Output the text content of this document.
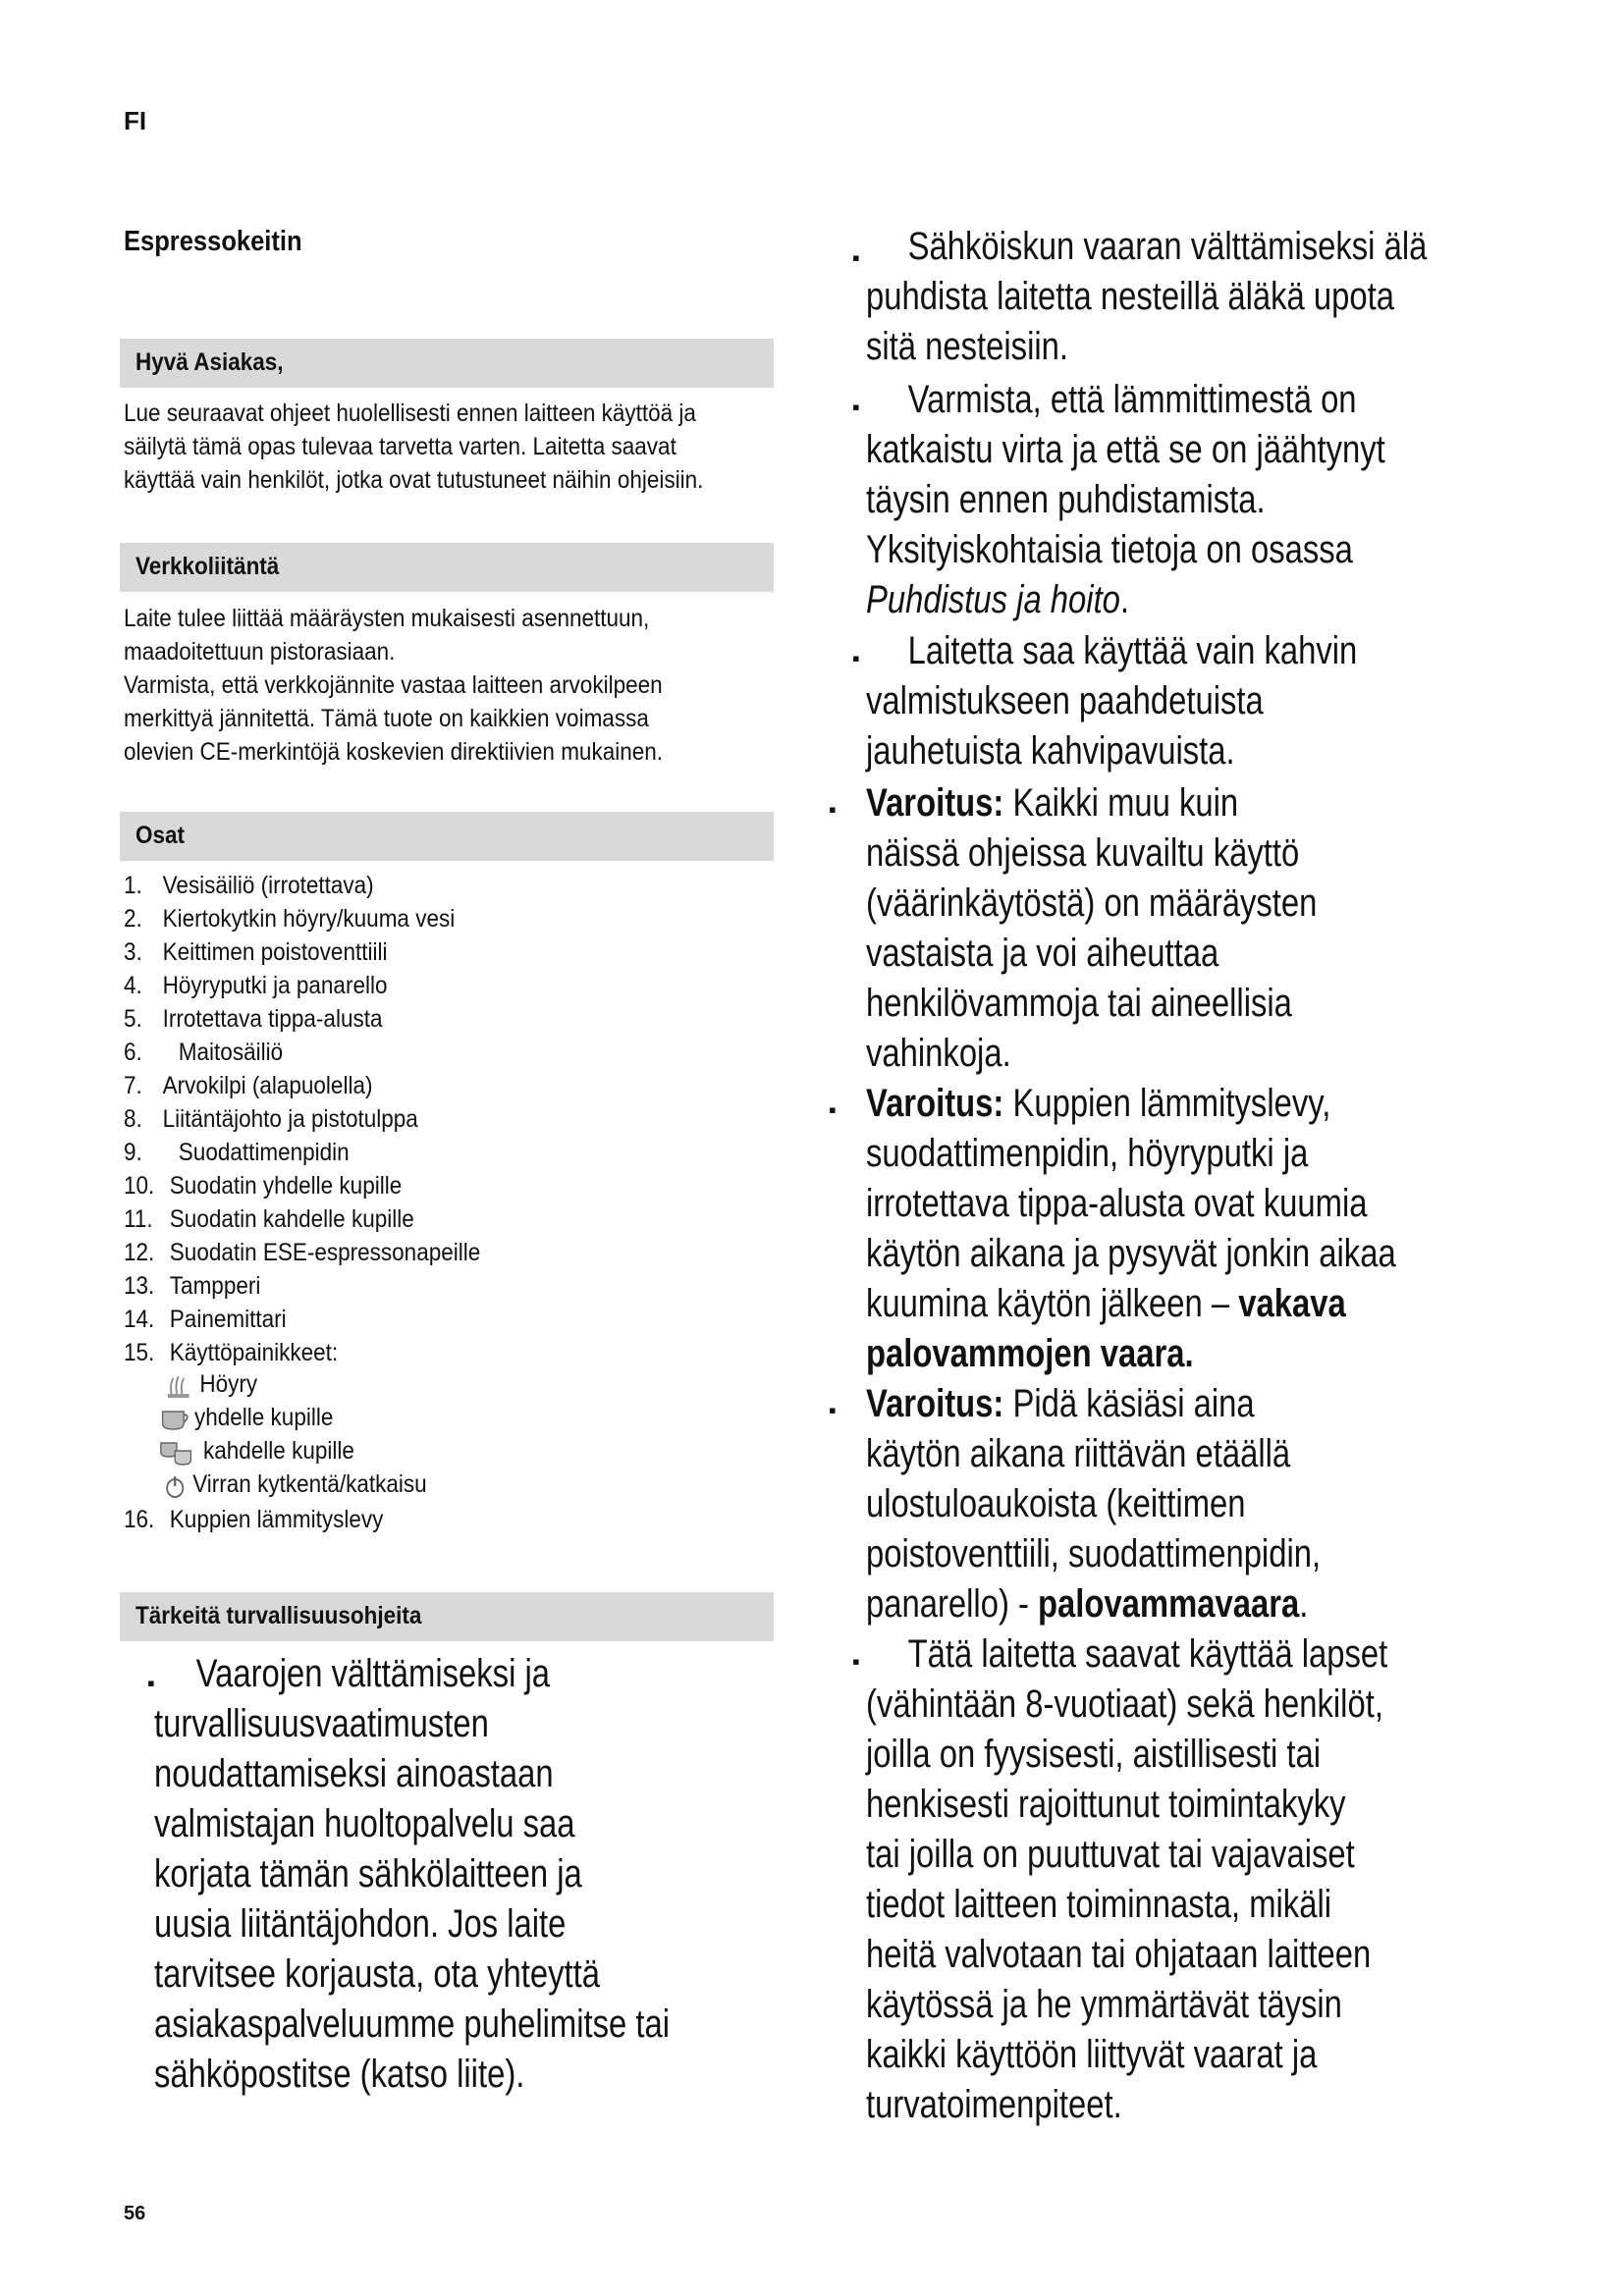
FI
Espressokeitin
Hyvä Asiakas,

Lue seuraavat ohjeet huolellisesti ennen laitteen käyttöä ja

säilytä tämä opas tulevaa tarvetta varten. Laitetta saavat

käyttää vain henkilöt, jotka ovat tutustuneet näihin ohjeisiin.

Verkkoliitäntä

Laite tulee liittää määräysten mukaisesti asennettuun,

maadoitettuun pistorasiaan.

Varmista, että verkkojännite vastaa laitteen arvokilpeen

merkittyä jännitettä. Tämä tuote on kaikkien voimassa

olevien CE-merkintöjä koskevien direktiivien mukainen.

Osat
1. Vesisäiliö (irrotettava)
2. Kiertokytkin höyry/kuuma vesi
3. Keittimen poistoventtiili
4. Höyryputki ja panarello
5. Irrotettava tippa-alusta
6. Maitosäiliö
7. Arvokilpi (alapuolella)
8. Liitäntäjohto ja pistotulppa
9. Suodattimenpidin
10. Suodatin yhdelle kupille
11. Suodatin kahdelle kupille
12. Suodatin ESE-espressonapeille
13. Tampperi
14. Painemittari
15. Käyttöpainikkeet:
Höyry
yhdelle kupille
kahdelle kupille
Virran kytkentä/katkaisu
16. Kuppien lämmityslevy
Tärkeitä turvallisuusohjeita
▪	Vaarojen välttämiseksi ja
turvallisuusvaatimusten
noudattamiseksi ainoastaan
valmistajan huoltopalvelu saa
korjata tämän sähkölaitteen ja
uusia liitäntäjohdon. Jos laite
tarvitsee korjausta, ota yhteyttä
asiakaspalveluumme puhelimitse tai
sähköpostitse (katso liite).
▪	Sähköiskun vaaran välttämiseksi älä
puhdista laitetta nesteillä äläkä upota
sitä nesteisiin.
▪	Varmista, että lämmittimestä on
katkaistu virta ja että se on jäähtynyt
täysin ennen puhdistamista.
Yksityiskohtaisia tietoja on osassa
Puhdistus ja hoito.
▪	Laitetta saa käyttää vain kahvin
valmistukseen paahdetuista
jauhetuista kahvipavuista.
▪ Varoitus: Kaikki muu kuin
näissä ohjeissa kuvailtu käyttö
(väärinkäytöstä) on määräysten
vastaista ja voi aiheuttaa
henkilövammoja tai aineellisia
vahinkoja.
▪ Varoitus: Kuppien lämmityslevy,
suodattimenpidin, höyryputki ja
irrotettava tippa-alusta ovat kuumia
käytön aikana ja pysyvät jonkin aikaa
kuumina käytön jälkeen – vakava
palovammojen vaara.
▪ Varoitus: Pidä käsiäsi aina
käytön aikana riittävän etäällä
ulostuloaukoista (keittimen
poistoventtiili, suodattimenpidin,
panarello) - palovammavaara.
▪	Tätä laitetta saavat käyttää lapset
(vähintään 8-vuotiaat) sekä henkilöt,
joilla on fyysisesti, aistillisesti tai
henkisesti rajoittunut toimintakyky
tai joilla on puuttuvat tai vajavaiset
tiedot laitteen toiminnasta, mikäli
heitä valvotaan tai ohjataan laitteen
käytössä ja he ymmärtävät täysin
kaikki käyttöön liittyvät vaarat ja
turvatoimenpiteet.
56
